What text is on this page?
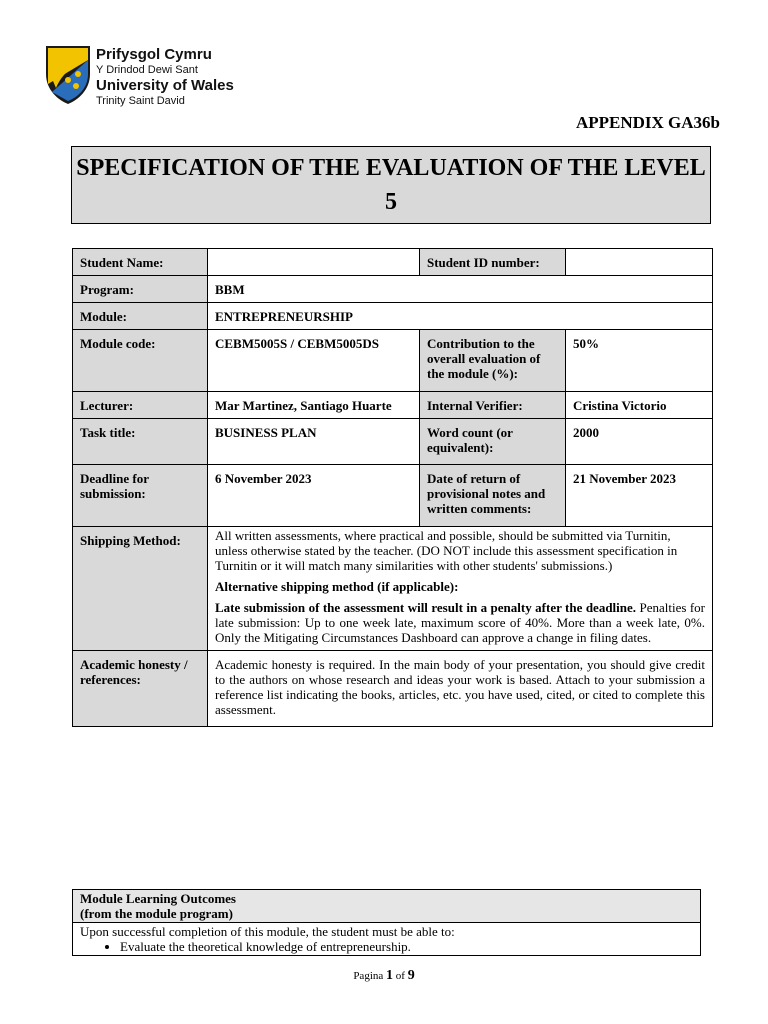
Prifysgol Cymru
Y Drindod Dewi Sant
University of Wales
Trinity Saint David
APPENDIX GA36b
SPECIFICATION OF THE EVALUATION OF THE LEVEL 5
Student Name:		Student ID number:	
Program:	BBM		
Module:	ENTREPRENEURSHIP		
Module code:	CEBM5005S / CEBM5005DS	Contribution to the overall evaluation of the module (%):	50%
Lecturer:	Mar Martinez, Santiago Huarte	Internal Verifier:	Cristina Victorio
Task title:	BUSINESS PLAN	Word count (or equivalent):	2000
Deadline for submission:	6 November 2023	Date of return of provisional notes and written comments:	21 November 2023
Shipping Method:	All written assessments, where practical and possible, should be submitted via Turnitin, unless otherwise stated by the teacher. (DO NOT include this assessment specification in Turnitin or it will match many similarities with other students' submissions.)
Alternative shipping method (if applicable):
Late submission of the assessment will result in a penalty after the deadline. Penalties for late submission: Up to one week late, maximum score of 40%. More than a week late, 0%. Only the Mitigating Circumstances Dashboard can approve a change in filing dates.		

Academic honesty / references:	Academic honesty is required. In the main body of your presentation, you should give credit to the authors on whose research and ideas your work is based. Attach to your submission a reference list indicating the books, articles, etc. you have used, cited, or cited to complete this assessment.		
Module Learning Outcomes
(from the module program)

Upon successful completion of this module, the student must be able to:
• Evaluate the theoretical knowledge of entrepreneurship.
Pagina 1 of 9
